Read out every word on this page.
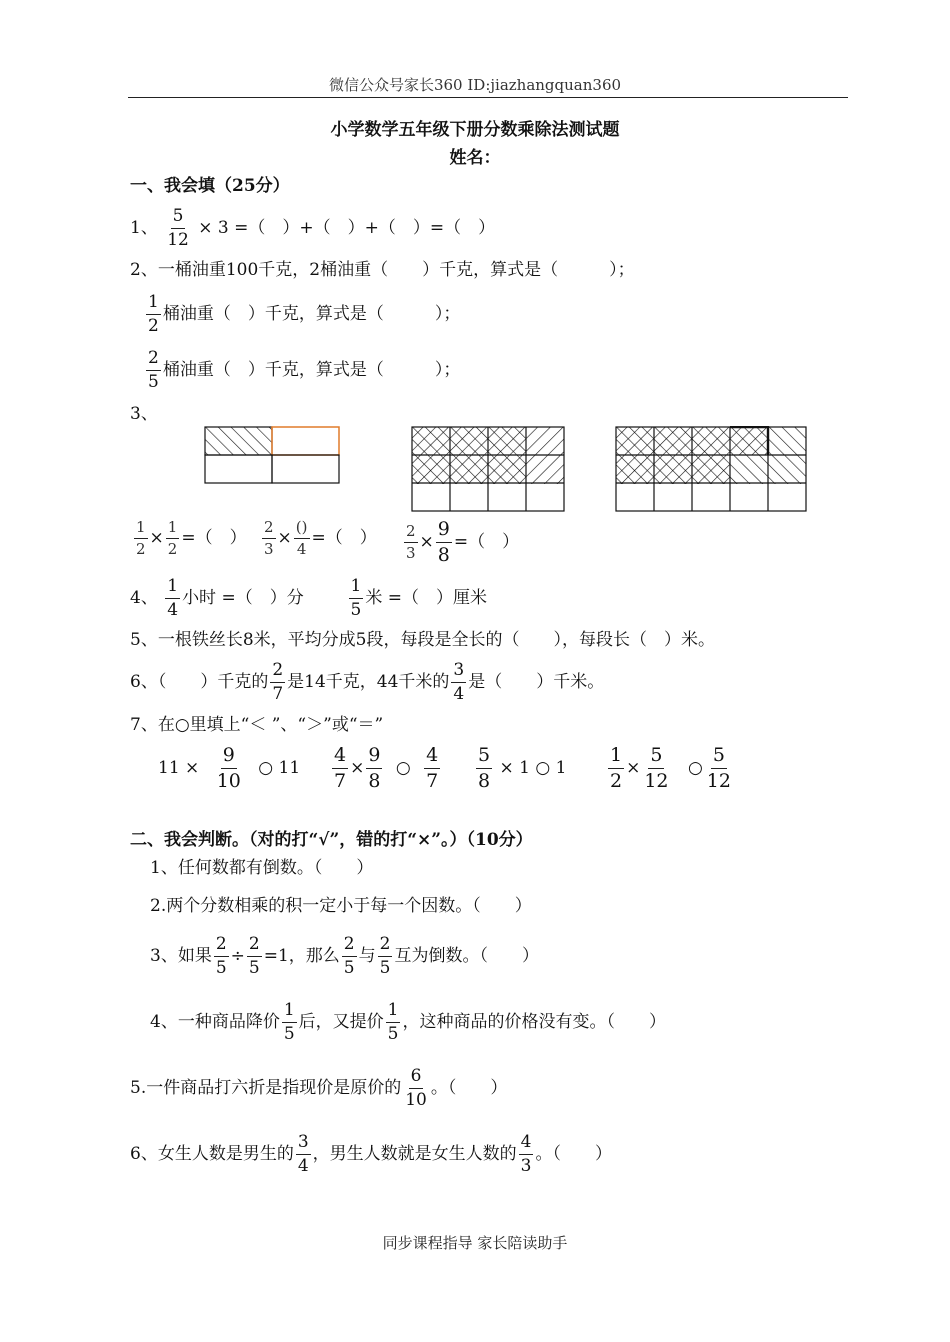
微信公众号家长360 ID:jiazhangquan360
小学数学五年级下册分数乘除法测试题
姓名：
一、我会填（25分）
1、 $\frac{5}{12} \times 3$ =（　）+（　）+（　）=（　）
2、一桶油重100千克，2桶油重（　　）千克，算式是（　　　）；
$\frac{1}{2}$ 桶油重（　）千克，算式是（　　　）；
$\frac{2}{5}$ 桶油重（　）千克，算式是（　　　）；
3、
$\frac{1}{2} \times \frac{1}{2}$ =（　） $\frac{2}{3} \times \frac{()}{4}$ =（　） $\frac{2}{3} \times \frac{9}{8}$ =（　）
4、 $\frac{1}{4}$ 小时 =（　）分	$\frac{1}{5}$ 米 =（　）厘米
5、一根铁丝长8米，平均分成5段，每段是全长的（　　），每段长（　）米。
6、（　　）千克的 $\frac{2}{7}$ 是14千克，44千米的 $\frac{3}{4}$ 是（　　）千米。
7、在○里填上“＜ ”、“＞”或“＝”
$11 \times \frac{9}{10}$ ○ $11 \frac{4}{7} \times \frac{9}{8}$ ○ $\frac{4}{7} \frac{5}{8} \times 1$ ○ $1 \frac{1}{2} \times \frac{5}{12}$ ○ $\frac{5}{12}$
二、我会判断。（对的打“√”，错的打“×”。）（10分）
1、任何数都有倒数。（　　）
2.两个分数相乘的积一定小于每一个因数。（　　）
3、如果 $\frac{2}{5} \div \frac{2}{5} =1$，那么 $\frac{2}{5}$ 与 $\frac{2}{5}$ 互为倒数。（　　）
4、一种商品降价 $\frac{1}{5}$ 后，又提价 $\frac{1}{5}$ ，这种商品的价格没有变。（　　）
5.一件商品打六折是指现价是原价的 $\frac{6}{10}$ 。（　　）
6、女生人数是男生的 $\frac{3}{4}$ ，男生人数就是女生人数的 $\frac{4}{3}$ 。（　　）
同步课程指导 家长陪读助手
